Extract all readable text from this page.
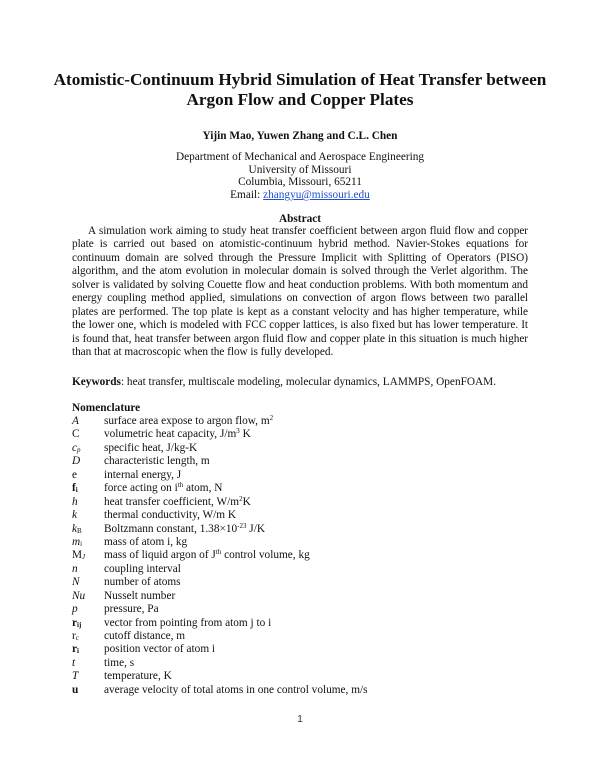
Atomistic-Continuum Hybrid Simulation of Heat Transfer between
Argon Flow and Copper Plates
Yijin Mao, Yuwen Zhang and C.L. Chen
Department of Mechanical and Aerospace Engineering
University of Missouri
Columbia, Missouri, 65211
Email: zhangyu@missouri.edu
Abstract
A simulation work aiming to study heat transfer coefficient between argon fluid flow and copper plate is carried out based on atomistic-continuum hybrid method. Navier-Stokes equations for continuum domain are solved through the Pressure Implicit with Splitting of Operators (PISO) algorithm, and the atom evolution in molecular domain is solved through the Verlet algorithm. The solver is validated by solving Couette flow and heat conduction problems. With both momentum and energy coupling method applied, simulations on convection of argon flows between two parallel plates are performed. The top plate is kept as a constant velocity and has higher temperature, while the lower one, which is modeled with FCC copper lattices, is also fixed but has lower temperature. It is found that, heat transfer between argon fluid flow and copper plate in this situation is much higher than that at macroscopic when the flow is fully developed.
Keywords: heat transfer, multiscale modeling, molecular dynamics, LAMMPS, OpenFOAM.
Nomenclature
A	surface area expose to argon flow, $m^2$
C	volumetric heat capacity, $J/m^3$ K
$c_p$	specific heat, J/kg-K
D	characteristic length, m
e	internal energy, J
$f_i$	force acting on $i^{th}$ atom, N
h	heat transfer coefficient, $W/m^2K$
k	thermal conductivity, W/m K
$k_B$	Boltzmann constant, $1.38\times 10^{-23}$ J/K
$m_i$	mass of atom i, kg
$M_J$	mass of liquid argon of $J^{th}$ control volume, kg
n	coupling interval
N	number of atoms
Nu	Nusselt number
p	pressure, Pa
$r_{ij}$	vector from pointing from atom j to i
$r_c$	cutoff distance, m
$r_i$	position vector of atom i
t	time, s
T	temperature, K
u	average velocity of total atoms in one control volume, m/s
1
